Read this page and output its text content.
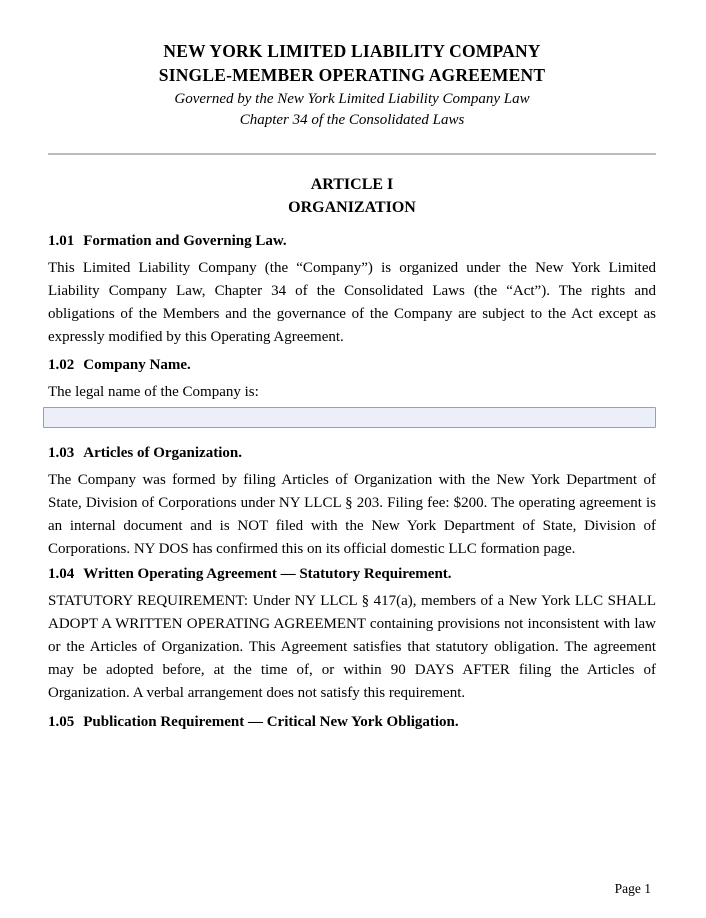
NEW YORK LIMITED LIABILITY COMPANY
SINGLE-MEMBER OPERATING AGREEMENT
Governed by the New York Limited Liability Company Law
Chapter 34 of the Consolidated Laws
ARTICLE I
ORGANIZATION
1.01 Formation and Governing Law.
This Limited Liability Company (the “Company”) is organized under the New York Limited Liability Company Law, Chapter 34 of the Consolidated Laws (the “Act”). The rights and obligations of the Members and the governance of the Company are subject to the Act except as expressly modified by this Operating Agreement.
1.02 Company Name.
The legal name of the Company is:
1.03 Articles of Organization.
The Company was formed by filing Articles of Organization with the New York Department of State, Division of Corporations under NY LLCL § 203. Filing fee: $200. The operating agreement is an internal document and is NOT filed with the New York Department of State, Division of Corporations. NY DOS has confirmed this on its official domestic LLC formation page.
1.04 Written Operating Agreement — Statutory Requirement.
STATUTORY REQUIREMENT: Under NY LLCL § 417(a), members of a New York LLC SHALL ADOPT A WRITTEN OPERATING AGREEMENT containing provisions not inconsistent with law or the Articles of Organization. This Agreement satisfies that statutory obligation. The agreement may be adopted before, at the time of, or within 90 DAYS AFTER filing the Articles of Organization. A verbal arrangement does not satisfy this requirement.
1.05 Publication Requirement — Critical New York Obligation.
Page 1
